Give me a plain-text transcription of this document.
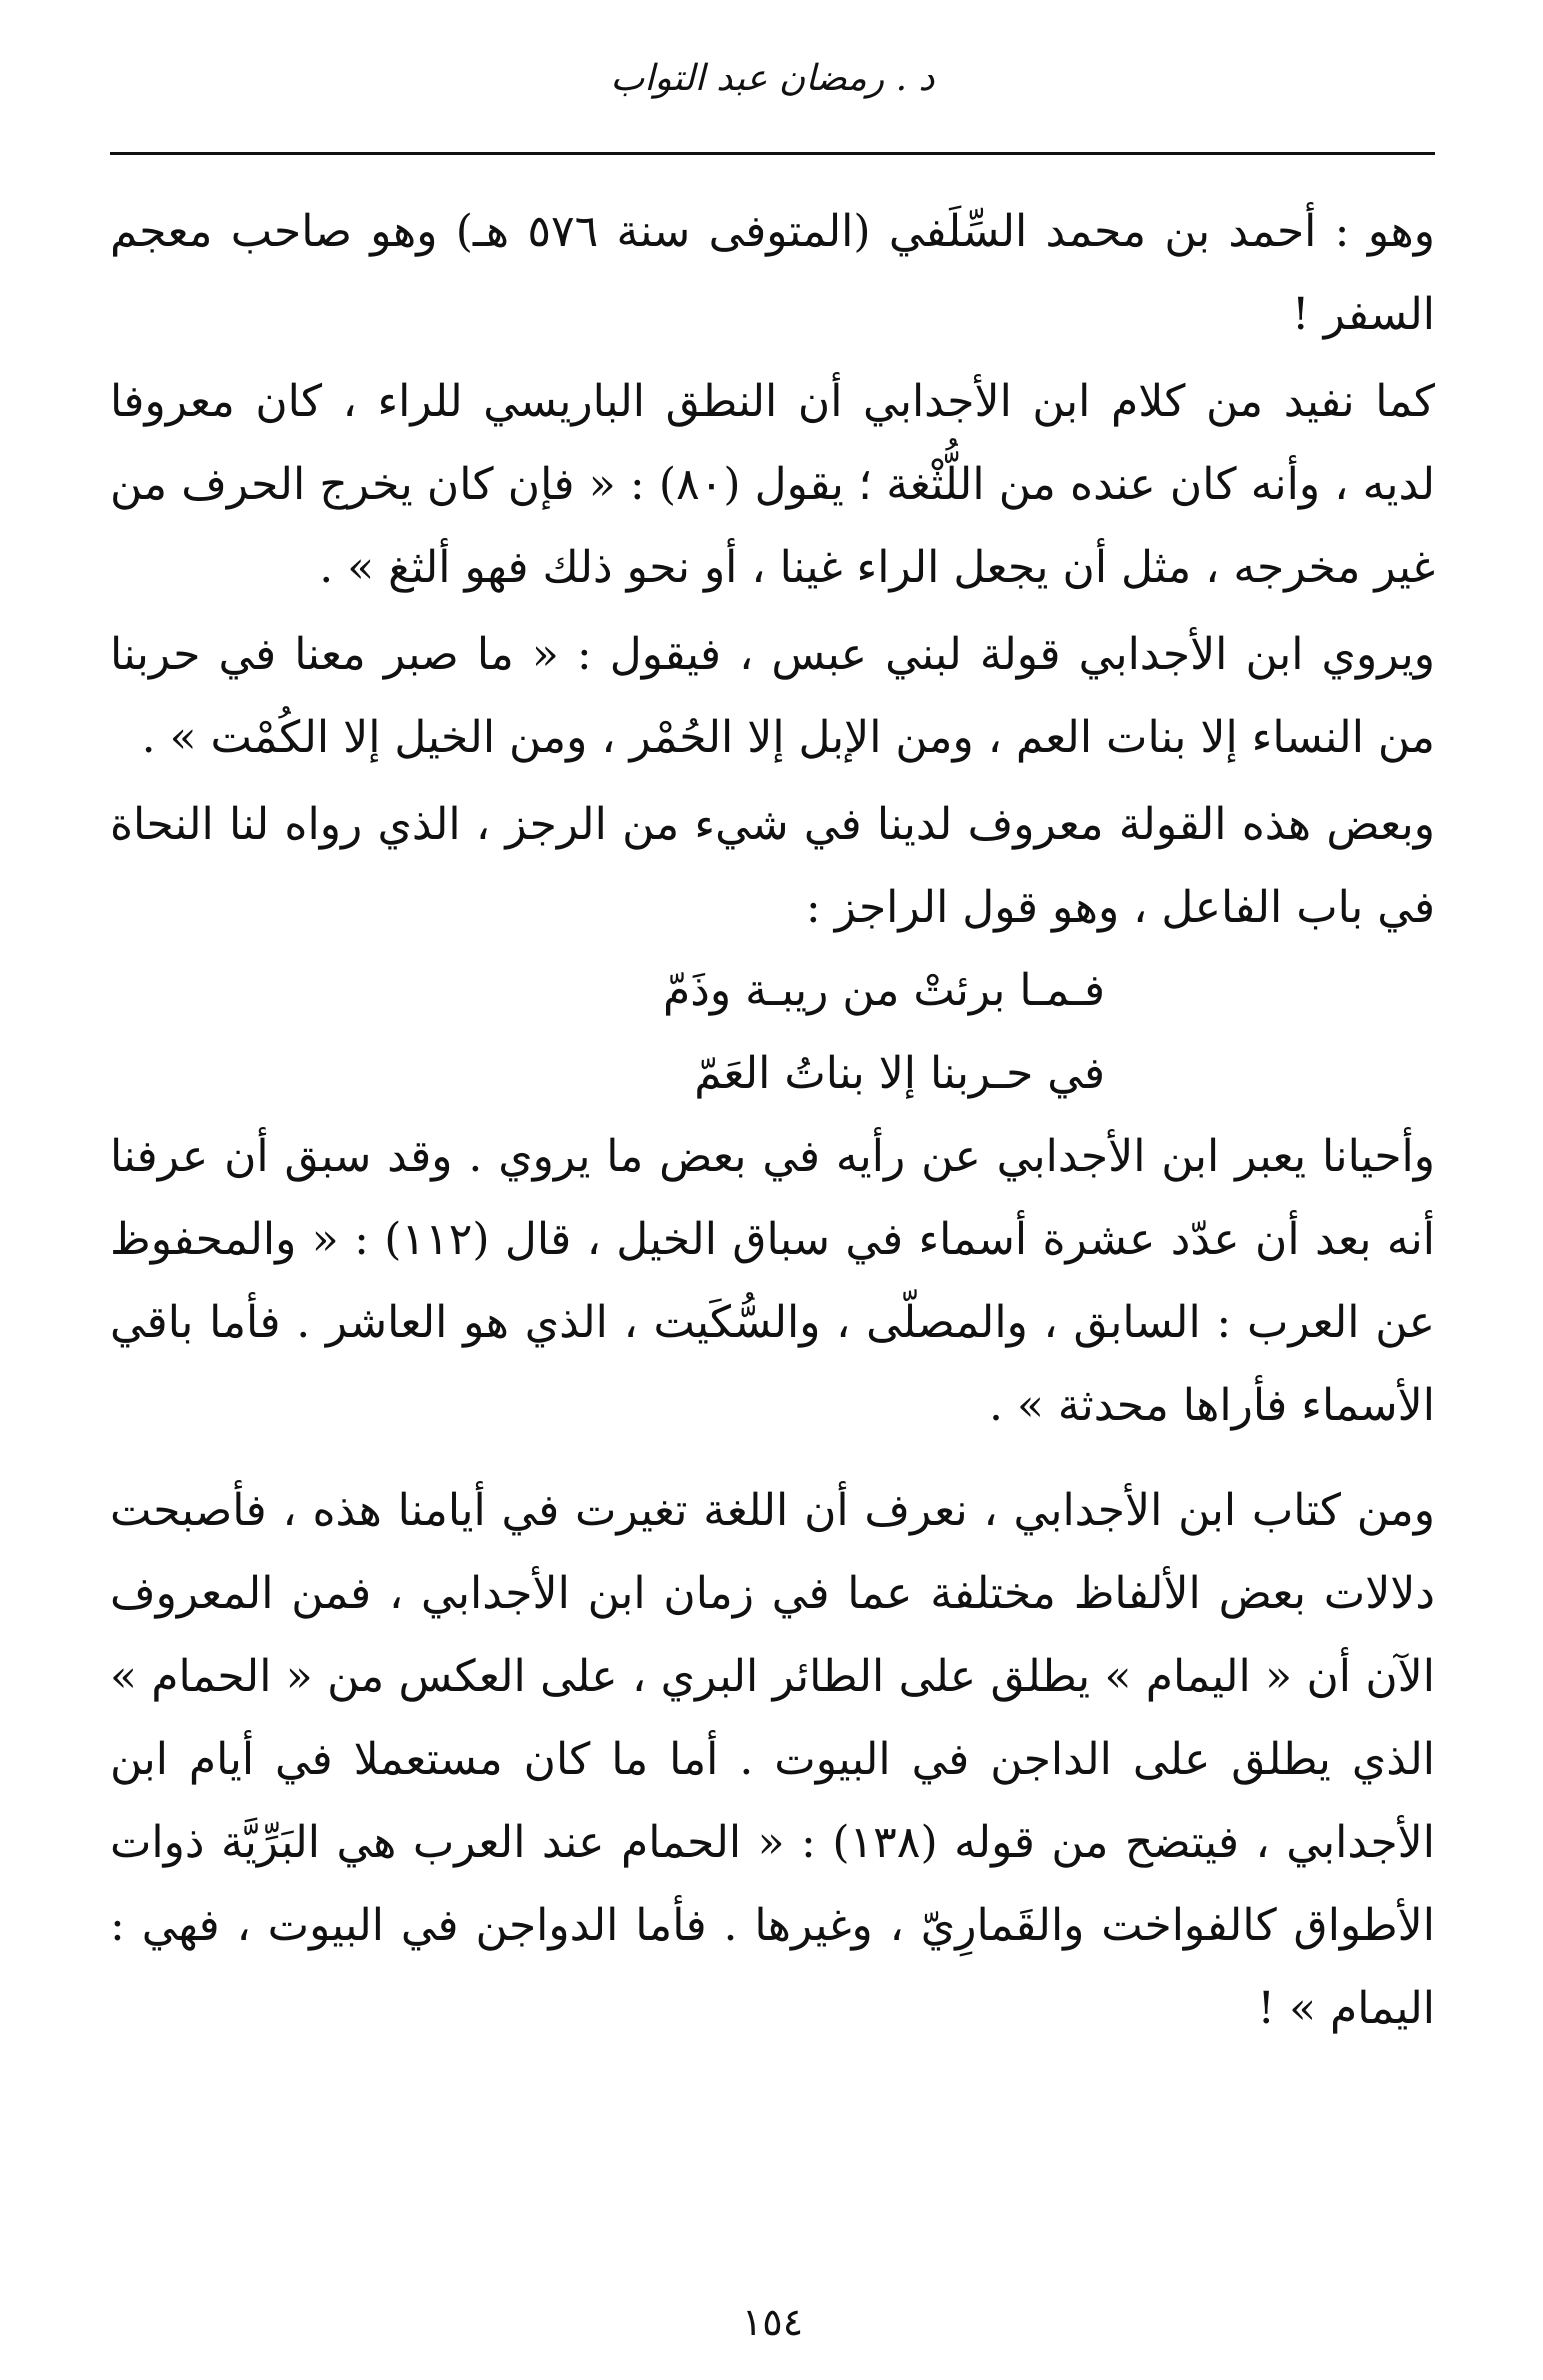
د . رمضان عبد التواب

وهو : أحمد بن محمد السِّلَفي (المتوفى سنة ٥٧٦ هـ) وهو صاحب معجم السفر !

كما نفيد من كلام ابن الأجدابي أن النطق الباريسي للراء ، كان معروفا لديه ، وأنه كان عنده من اللُّثْغة ؛ يقول (٨٠) : « فإن كان يخرج الحرف من غير مخرجه ، مثل أن يجعل الراء غينا ، أو نحو ذلك فهو ألثغ » .

ويروي ابن الأجدابي قولة لبني عبس ، فيقول : « ما صبر معنا في حربنا من النساء إلا بنات العم ، ومن الإبل إلا الحُمْر ، ومن الخيل إلا الكُمْت » .

وبعض هذه القولة معروف لدينا في شيء من الرجز ، الذي رواه لنا النحاة في باب الفاعل ، وهو قول الراجز :

فـمـا برئتْ من ريبـة وذَمّ
في حـربنا إلا بناتُ العَمّ

وأحيانا يعبر ابن الأجدابي عن رأيه في بعض ما يروي . وقد سبق أن عرفنا أنه بعد أن عدّد عشرة أسماء في سباق الخيل ، قال (١١٢) : « والمحفوظ عن العرب : السابق ، والمصلّى ، والسُّكَيت ، الذي هو العاشر . فأما باقي الأسماء فأراها محدثة » .

ومن كتاب ابن الأجدابي ، نعرف أن اللغة تغيرت في أيامنا هذه ، فأصبحت دلالات بعض الألفاظ مختلفة عما في زمان ابن الأجدابي ، فمن المعروف الآن أن « اليمام » يطلق على الطائر البري ، على العكس من « الحمام » الذي يطلق على الداجن في البيوت . أما ما كان مستعملا في أيام ابن الأجدابي ، فيتضح من قوله (١٣٨) : « الحمام عند العرب هي البَرِّيَّة ذوات الأطواق كالفواخت والقَمارِيّ ، وغيرها . فأما الدواجن في البيوت ، فهي : اليمام » !

١٥٤
